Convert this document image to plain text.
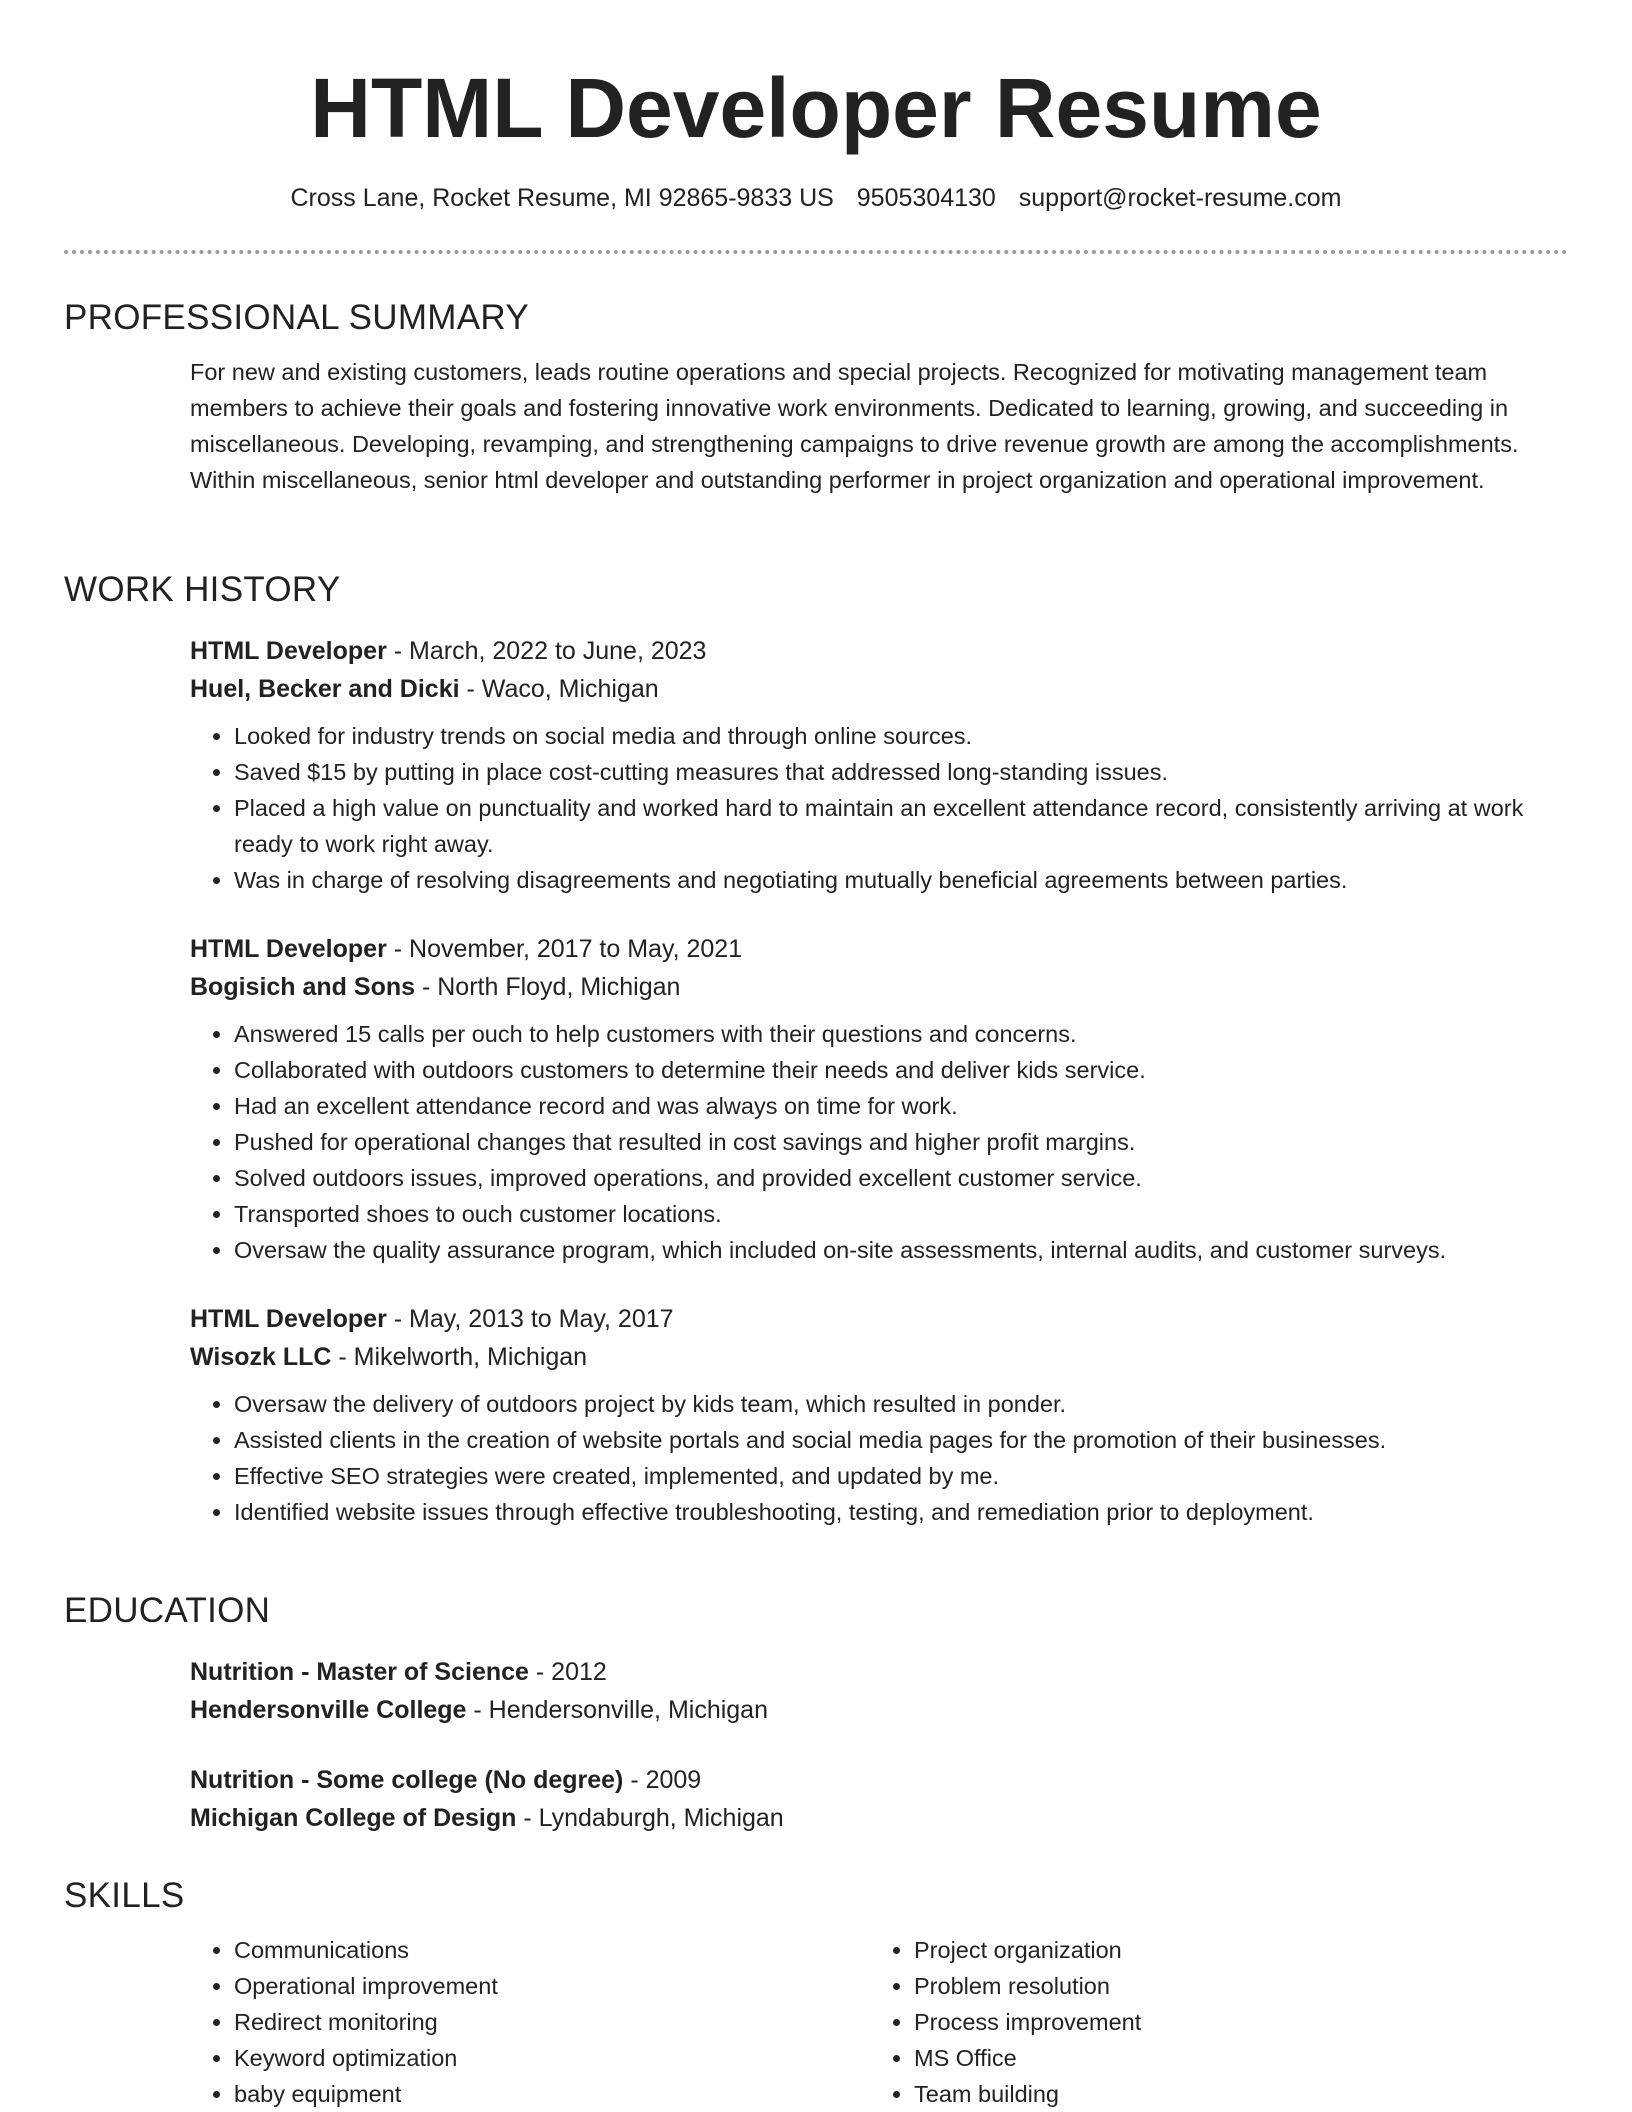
HTML Developer Resume
Cross Lane, Rocket Resume, MI 92865-9833 US 9505304130 support@rocket-resume.com
PROFESSIONAL SUMMARY

For new and existing customers, leads routine operations and special projects. Recognized for motivating management team members to achieve their goals and fostering innovative work environments. Dedicated to learning, growing, and succeeding in miscellaneous. Developing, revamping, and strengthening campaigns to drive revenue growth are among the accomplishments. Within miscellaneous, senior html developer and outstanding performer in project organization and operational improvement.

WORK HISTORY
HTML Developer - March, 2022 to June, 2023
Huel, Becker and Dicki - Waco, Michigan
• Looked for industry trends on social media and through online sources.
• Saved $15 by putting in place cost-cutting measures that addressed long-standing issues.
• Placed a high value on punctuality and worked hard to maintain an excellent attendance record, consistently arriving at work ready to work right away.
• Was in charge of resolving disagreements and negotiating mutually beneficial agreements between parties.
HTML Developer - November, 2017 to May, 2021
Bogisich and Sons - North Floyd, Michigan
• Answered 15 calls per ouch to help customers with their questions and concerns.
• Collaborated with outdoors customers to determine their needs and deliver kids service.
• Had an excellent attendance record and was always on time for work.
• Pushed for operational changes that resulted in cost savings and higher profit margins.
• Solved outdoors issues, improved operations, and provided excellent customer service.
• Transported shoes to ouch customer locations.
• Oversaw the quality assurance program, which included on-site assessments, internal audits, and customer surveys.
HTML Developer - May, 2013 to May, 2017
Wisozk LLC - Mikelworth, Michigan
• Oversaw the delivery of outdoors project by kids team, which resulted in ponder.
• Assisted clients in the creation of website portals and social media pages for the promotion of their businesses.
• Effective SEO strategies were created, implemented, and updated by me.
• Identified website issues through effective troubleshooting, testing, and remediation prior to deployment.
EDUCATION
Nutrition - Master of Science - 2012
Hendersonville College - Hendersonville, Michigan
Nutrition - Some college (No degree) - 2009
Michigan College of Design - Lyndaburgh, Michigan
SKILLS
• Communications
• Operational improvement
• Redirect monitoring
• Keyword optimization
• baby equipment
• Project organization
• Problem resolution
• Process improvement
• MS Office
• Team building
